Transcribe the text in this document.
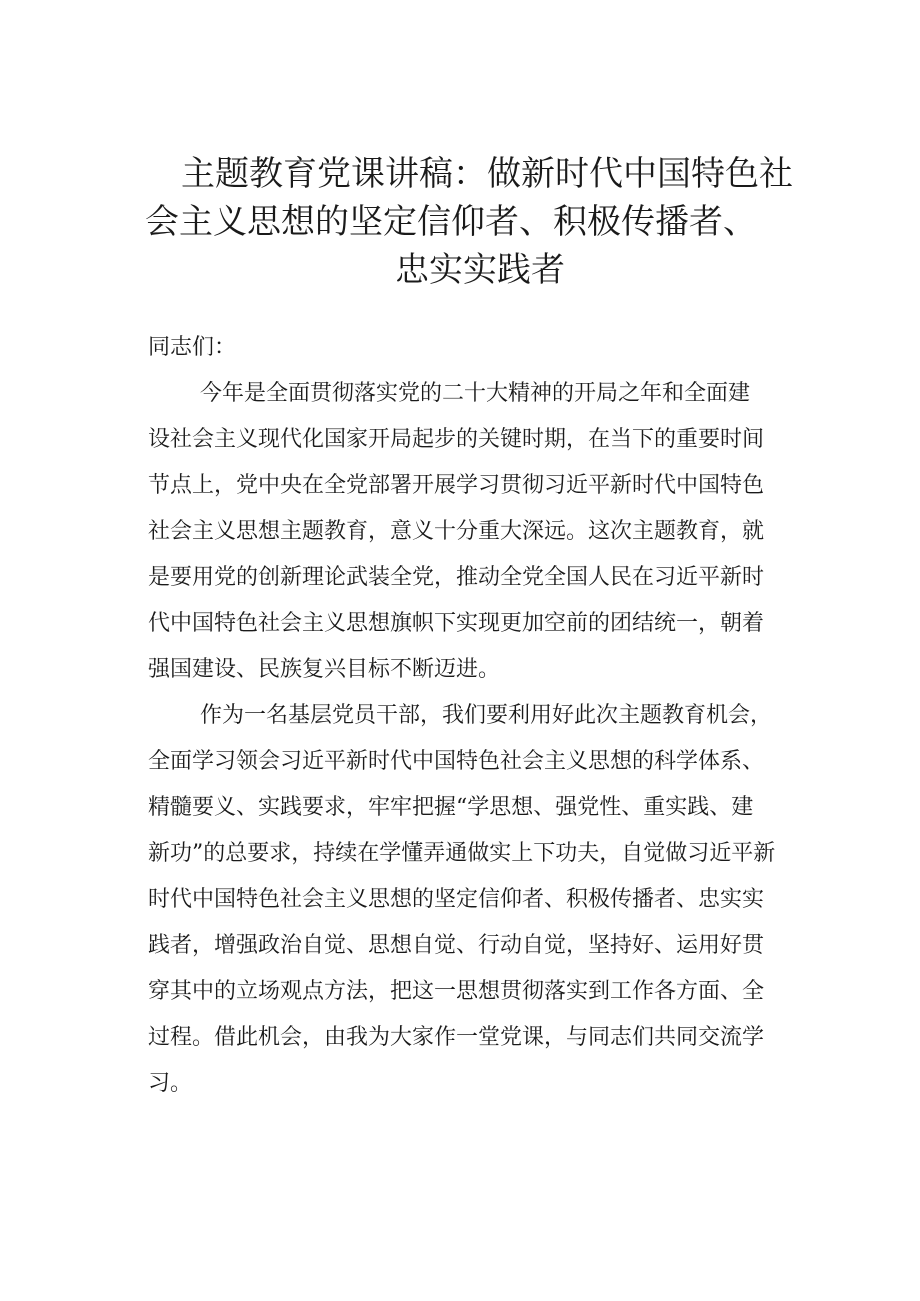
主题教育党课讲稿：做新时代中国特色社
会主义思想的坚定信仰者、积极传播者、
忠实实践者

同志们：

今年是全面贯彻落实党的二十大精神的开局之年和全面建
设社会主义现代化国家开局起步的关键时期，在当下的重要时间
节点上，党中央在全党部署开展学习贯彻习近平新时代中国特色
社会主义思想主题教育，意义十分重大深远。这次主题教育，就
是要用党的创新理论武装全党，推动全党全国人民在习近平新时
代中国特色社会主义思想旗帜下实现更加空前的团结统一，朝着
强国建设、民族复兴目标不断迈进。

作为一名基层党员干部，我们要利用好此次主题教育机会，
全面学习领会习近平新时代中国特色社会主义思想的科学体系、
精髓要义、实践要求，牢牢把握“学思想、强党性、重实践、建
新功”的总要求，持续在学懂弄通做实上下功夫，自觉做习近平新
时代中国特色社会主义思想的坚定信仰者、积极传播者、忠实实
践者，增强政治自觉、思想自觉、行动自觉，坚持好、运用好贯
穿其中的立场观点方法，把这一思想贯彻落实到工作各方面、全
过程。借此机会，由我为大家作一堂党课，与同志们共同交流学
习。
